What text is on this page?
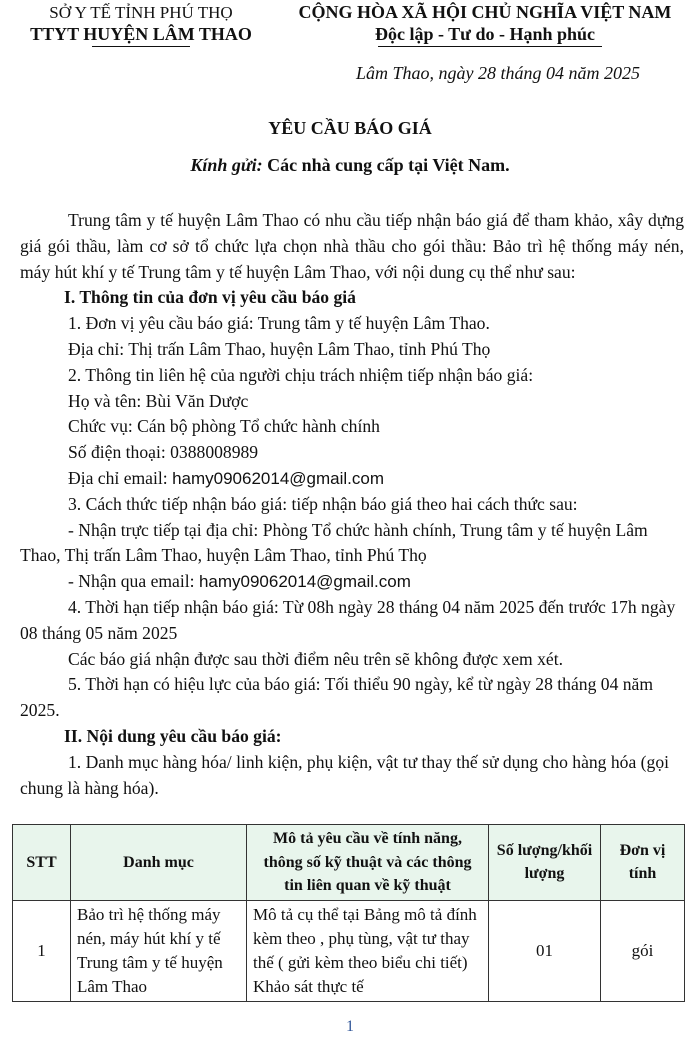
SỞ Y TẾ TỈNH PHÚ THỌ
TTYT HUYỆN LÂM THAO
CỘNG HÒA XÃ HỘI CHỦ NGHĨA VIỆT NAM
Độc lập - Tư do - Hạnh phúc
Lâm Thao, ngày 28 tháng 04 năm 2025
YÊU CẦU BÁO GIÁ
Kính gửi: Các nhà cung cấp tại Việt Nam.

Trung tâm y tế huyện Lâm Thao có nhu cầu tiếp nhận báo giá để tham khảo, xây dựng giá gói thầu, làm cơ sở tổ chức lựa chọn nhà thầu cho gói thầu: Bảo trì hệ thống máy nén, máy hút khí y tế Trung tâm y tế huyện Lâm Thao, với nội dung cụ thể như sau:

I. Thông tin của đơn vị yêu cầu báo giá

1. Đơn vị yêu cầu báo giá: Trung tâm y tế huyện Lâm Thao.

Địa chỉ: Thị trấn Lâm Thao, huyện Lâm Thao, tỉnh Phú Thọ

2. Thông tin liên hệ của người chịu trách nhiệm tiếp nhận báo giá:

Họ và tên: Bùi Văn Dược

Chức vụ: Cán bộ phòng Tổ chức hành chính

Số điện thoại: 0388008989

Địa chỉ email: hamy09062014@gmail.com

3. Cách thức tiếp nhận báo giá: tiếp nhận báo giá theo hai cách thức sau:

- Nhận trực tiếp tại địa chỉ: Phòng Tổ chức hành chính, Trung tâm y tế huyện Lâm Thao, Thị trấn Lâm Thao, huyện Lâm Thao, tỉnh Phú Thọ

- Nhận qua email: hamy09062014@gmail.com

4. Thời hạn tiếp nhận báo giá: Từ 08h ngày 28 tháng 04 năm 2025 đến trước 17h ngày 08 tháng 05 năm 2025

Các báo giá nhận được sau thời điểm nêu trên sẽ không được xem xét.

5. Thời hạn có hiệu lực của báo giá: Tối thiểu 90 ngày, kể từ ngày 28 tháng 04 năm 2025.

II. Nội dung yêu cầu báo giá:

1. Danh mục hàng hóa/ linh kiện, phụ kiện, vật tư thay thế sử dụng cho hàng hóa (gọi chung là hàng hóa).

STT	Danh mục	Mô tả yêu cầu về tính năng, thông số kỹ thuật và các thông tin liên quan về kỹ thuật	Số lượng/khối lượng	Đơn vị tính
1	Bảo trì hệ thống máy nén, máy hút khí y tế Trung tâm y tế huyện Lâm Thao	Mô tả cụ thể tại Bảng mô tả đính kèm theo , phụ tùng, vật tư thay thế ( gửi kèm theo biểu chi tiết) Khảo sát thực tế	01	gói
1
